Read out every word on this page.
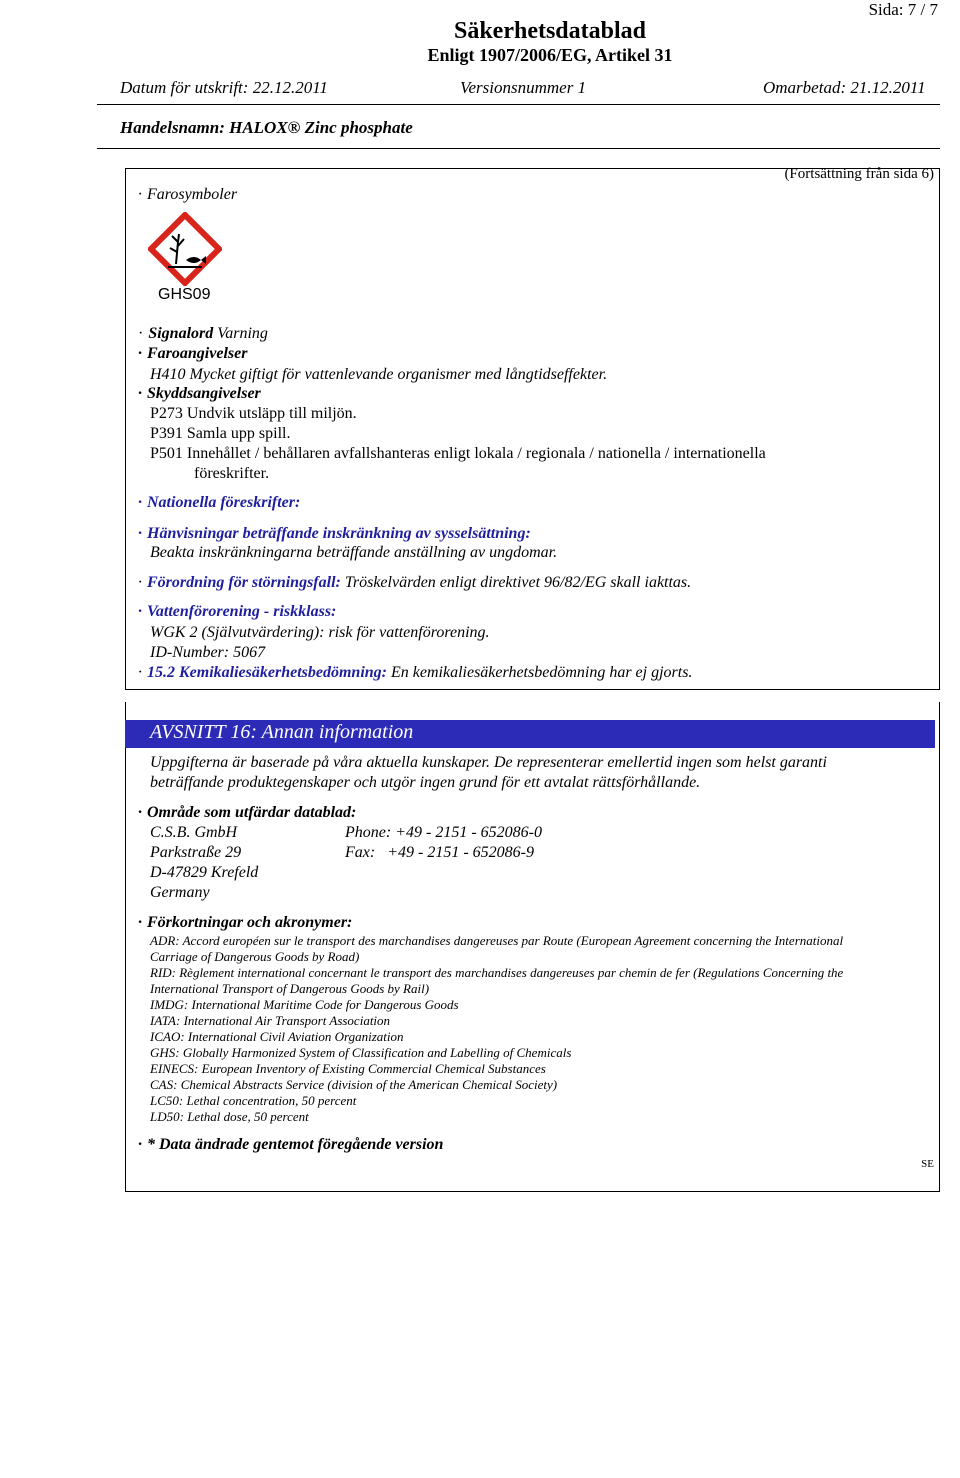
Sida: 7 / 7
Säkerhetsdatablad
Enligt 1907/2006/EG, Artikel 31
Datum för utskrift: 22.12.2011	Versionsnummer 1	Omarbetad: 21.12.2011
Handelsnamn: HALOX® Zinc phosphate
(Fortsättning från sida 6)
· Farosymboler
GHS09
· Signalord Varning
· Faroangivelser
H410 Mycket giftigt för vattenlevande organismer med långtidseffekter.
· Skyddsangivelser
P273 Undvik utsläpp till miljön.
P391 Samla upp spill.
P501 Innehållet / behållaren avfallshanteras enligt lokala / regionala / nationella / internationella
föreskrifter.
· Nationella föreskrifter:
· Hänvisningar beträffande inskränkning av sysselsättning:
Beakta inskränkningarna beträffande anställning av ungdomar.
· Förordning för störningsfall: Tröskelvärden enligt direktivet 96/82/EG skall iakttas.
· Vattenförorening - riskklass:
WGK 2 (Självutvärdering): risk för vattenförorening.
ID-Number: 5067
· 15.2 Kemikaliesäkerhetsbedömning: En kemikaliesäkerhetsbedömning har ej gjorts.
AVSNITT 16: Annan information
Uppgifterna är baserade på våra aktuella kunskaper. De representerar emellertid ingen som helst garanti
beträffande produktegenskaper och utgör ingen grund för ett avtalat rättsförhållande.
· Område som utfärdar datablad:
C.S.B. GmbH
Parkstraße 29
D-47829 Krefeld
Germany
Phone: +49 - 2151 - 652086-0
Fax:   +49 - 2151 - 652086-9
· Förkortningar och akronymer:
ADR: Accord européen sur le transport des marchandises dangereuses par Route (European Agreement concerning the International
Carriage of Dangerous Goods by Road)
RID: Règlement international concernant le transport des marchandises dangereuses par chemin de fer (Regulations Concerning the
International Transport of Dangerous Goods by Rail)
IMDG: International Maritime Code for Dangerous Goods
IATA: International Air Transport Association
ICAO: International Civil Aviation Organization
GHS: Globally Harmonized System of Classification and Labelling of Chemicals
EINECS: European Inventory of Existing Commercial Chemical Substances
CAS: Chemical Abstracts Service (division of the American Chemical Society)
LC50: Lethal concentration, 50 percent
LD50: Lethal dose, 50 percent
· * Data ändrade gentemot föregående version
SE
